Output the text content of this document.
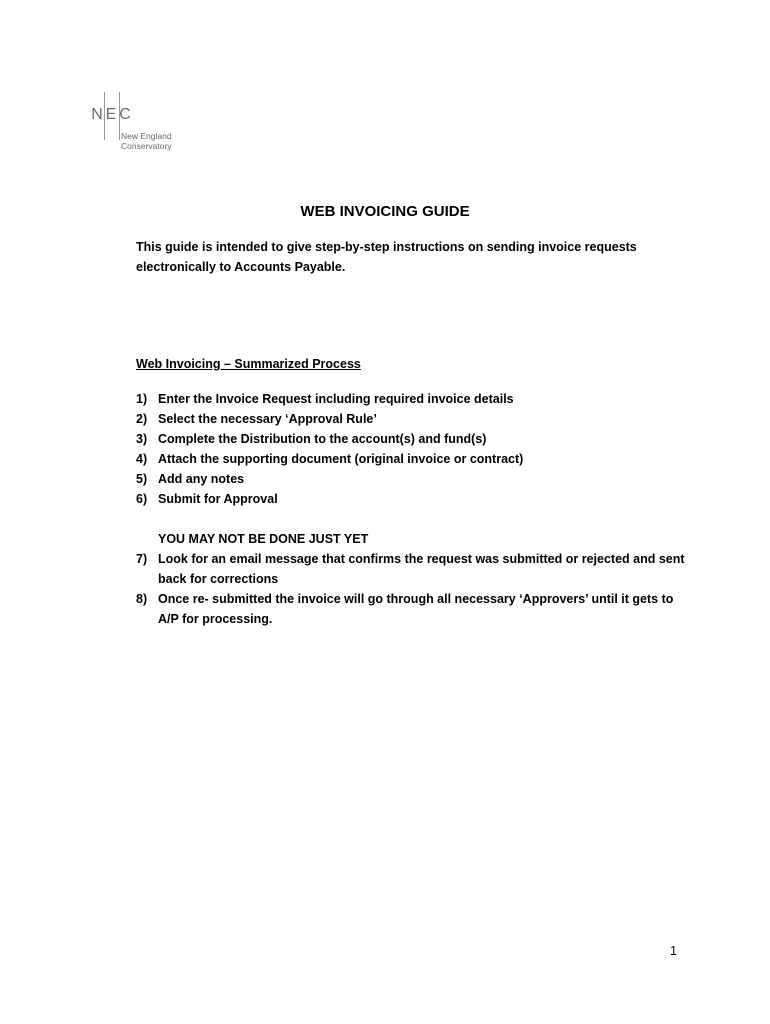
N E C
New England
Conservatory
WEB INVOICING GUIDE
This guide is intended to give step-by-step instructions on sending invoice requests
electronically to Accounts Payable.
Web Invoicing – Summarized Process
1) Enter the Invoice Request including required invoice details
2) Select the necessary ‘Approval Rule’
3) Complete the Distribution to the account(s) and fund(s)
4) Attach the supporting document (original invoice or contract)
5) Add any notes
6) Submit for Approval
YOU MAY NOT BE DONE JUST YET
7) Look for an email message that confirms the request was submitted or rejected and sent
back for corrections
8) Once re- submitted the invoice will go through all necessary ‘Approvers’ until it gets to
A/P for processing.
1
